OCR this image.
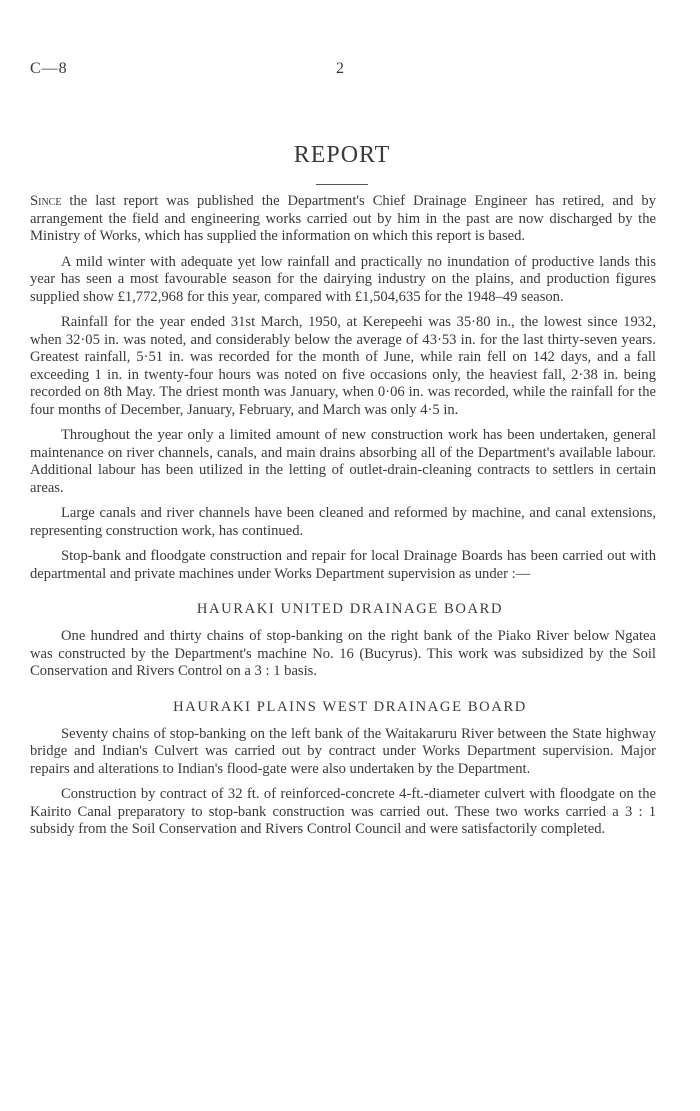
C—8	2
REPORT

Since the last report was published the Department's Chief Drainage Engineer has retired, and by arrangement the field and engineering works carried out by him in the past are now discharged by the Ministry of Works, which has supplied the information on which this report is based.

A mild winter with adequate yet low rainfall and practically no inundation of productive lands this year has seen a most favourable season for the dairying industry on the plains, and production figures supplied show £1,772,968 for this year, compared with £1,504,635 for the 1948–49 season.

Rainfall for the year ended 31st March, 1950, at Kerepeehi was 35·80 in., the lowest since 1932, when 32·05 in. was noted, and considerably below the average of 43·53 in. for the last thirty-seven years. Greatest rainfall, 5·51 in. was recorded for the month of June, while rain fell on 142 days, and a fall exceeding 1 in. in twenty-four hours was noted on five occasions only, the heaviest fall, 2·38 in. being recorded on 8th May. The driest month was January, when 0·06 in. was recorded, while the rainfall for the four months of December, January, February, and March was only 4·5 in.

Throughout the year only a limited amount of new construction work has been undertaken, general maintenance on river channels, canals, and main drains absorbing all of the Department's available labour. Additional labour has been utilized in the letting of outlet-drain-cleaning contracts to settlers in certain areas.

Large canals and river channels have been cleaned and reformed by machine, and canal extensions, representing construction work, has continued.

Stop-bank and floodgate construction and repair for local Drainage Boards has been carried out with departmental and private machines under Works Department supervision as under :—

HAURAKI UNITED DRAINAGE BOARD

One hundred and thirty chains of stop-banking on the right bank of the Piako River below Ngatea was constructed by the Department's machine No. 16 (Bucyrus). This work was subsidized by the Soil Conservation and Rivers Control on a 3 : 1 basis.

HAURAKI PLAINS WEST DRAINAGE BOARD

Seventy chains of stop-banking on the left bank of the Waitakaruru River between the State highway bridge and Indian's Culvert was carried out by contract under Works Department supervision. Major repairs and alterations to Indian's flood-gate were also undertaken by the Department.

Construction by contract of 32 ft. of reinforced-concrete 4-ft.-diameter culvert with floodgate on the Kairito Canal preparatory to stop-bank construction was carried out. These two works carried a 3 : 1 subsidy from the Soil Conservation and Rivers Control Council and were satisfactorily completed.
